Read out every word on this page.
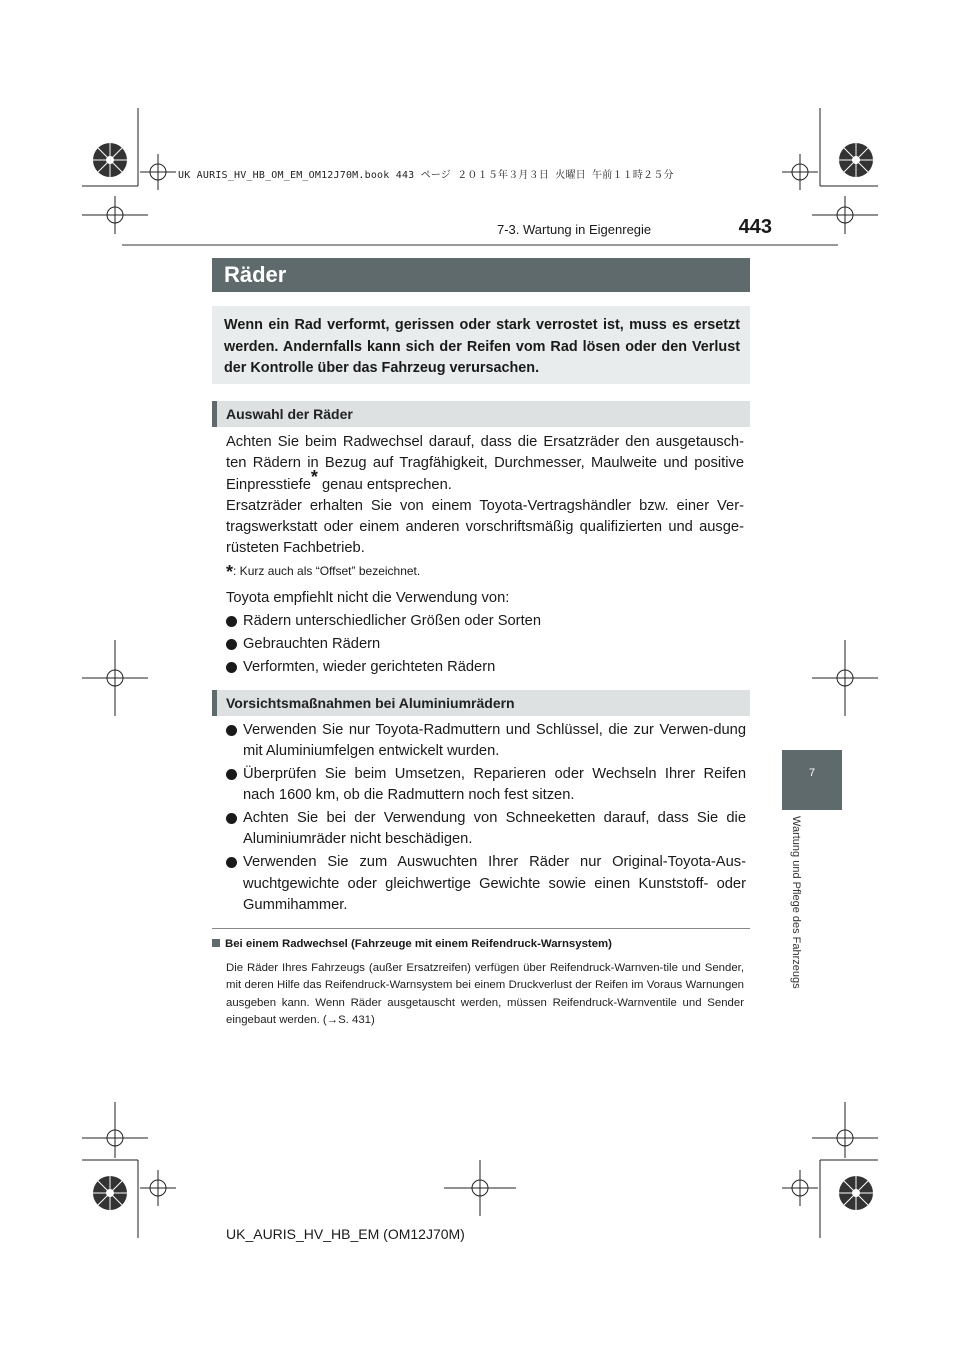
UK AURIS_HV_HB_OM_EM_OM12J70M.book 443 ページ ２０１５年３月３日 火曜日 午前１１時２５分
7-3. Wartung in Eigenregie	443
7
Wartung und Pflege des Fahrzeugs
Räder
Wenn ein Rad verformt, gerissen oder stark verrostet ist, muss es ersetzt werden. Andernfalls kann sich der Reifen vom Rad lösen oder den Verlust der Kontrolle über das Fahrzeug verursachen.
Auswahl der Räder

Achten Sie beim Radwechsel darauf, dass die Ersatzräder den ausgetausch-ten Rädern in Bezug auf Tragfähigkeit, Durchmesser, Maulweite und positive Einpresstiefe* genau entsprechen.

Ersatzräder erhalten Sie von einem Toyota-Vertragshändler bzw. einer Ver-tragswerkstatt oder einem anderen vorschriftsmäßig qualifizierten und ausge-rüsteten Fachbetrieb.

*: Kurz auch als “Offset” bezeichnet.
Toyota empfiehlt nicht die Verwendung von:
Rädern unterschiedlicher Größen oder Sorten
Gebrauchten Rädern
Verformten, wieder gerichteten Rädern
Vorsichtsmaßnahmen bei Aluminiumrädern
Verwenden Sie nur Toyota-Radmuttern und Schlüssel, die zur Verwen-dung mit Aluminiumfelgen entwickelt wurden.
Überprüfen Sie beim Umsetzen, Reparieren oder Wechseln Ihrer Reifen nach 1600 km, ob die Radmuttern noch fest sitzen.
Achten Sie bei der Verwendung von Schneeketten darauf, dass Sie die Aluminiumräder nicht beschädigen.
Verwenden Sie zum Auswuchten Ihrer Räder nur Original-Toyota-Aus-wuchtgewichte oder gleichwertige Gewichte sowie einen Kunststoff- oder Gummihammer.
Bei einem Radwechsel (Fahrzeuge mit einem Reifendruck-Warnsystem)
Die Räder Ihres Fahrzeugs (außer Ersatzreifen) verfügen über Reifendruck-Warnven-tile und Sender, mit deren Hilfe das Reifendruck-Warnsystem bei einem Druckverlust der Reifen im Voraus Warnungen ausgeben kann. Wenn Räder ausgetauscht werden, müssen Reifendruck-Warnventile und Sender eingebaut werden. (→S. 431)
UK_AURIS_HV_HB_EM (OM12J70M)
